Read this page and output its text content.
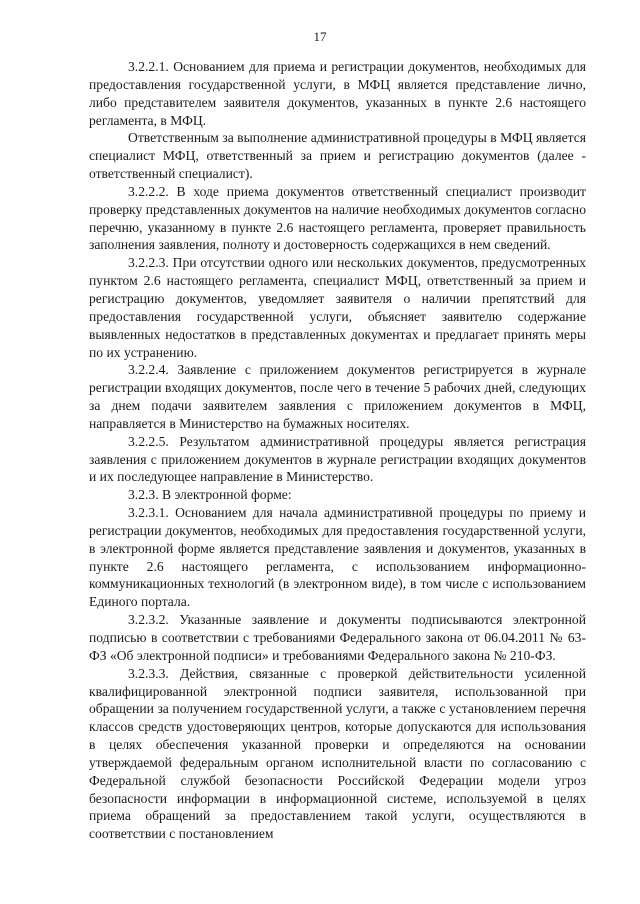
17

3.2.2.1. Основанием для приема и регистрации документов, необходимых для предоставления государственной услуги, в МФЦ является представление лично, либо представителем заявителя документов, указанных в пункте 2.6 настоящего регламента, в МФЦ.

Ответственным за выполнение административной процедуры в МФЦ является специалист МФЦ, ответственный за прием и регистрацию документов (далее - ответственный специалист).

3.2.2.2. В ходе приема документов ответственный специалист производит проверку представленных документов на наличие необходимых документов согласно перечню, указанному в пункте 2.6 настоящего регламента, проверяет правильность заполнения заявления, полноту и достоверность содержащихся в нем сведений.

3.2.2.3. При отсутствии одного или нескольких документов, предусмотренных пунктом 2.6 настоящего регламента, специалист МФЦ, ответственный за прием и регистрацию документов, уведомляет заявителя о наличии препятствий для предоставления государственной услуги, объясняет заявителю содержание выявленных недостатков в представленных документах и предлагает принять меры по их устранению.

3.2.2.4. Заявление с приложением документов регистрируется в журнале регистрации входящих документов, после чего в течение 5 рабочих дней, следующих за днем подачи заявителем заявления с приложением документов в МФЦ, направляется в Министерство на бумажных носителях.

3.2.2.5. Результатом административной процедуры является регистрация заявления с приложением документов в журнале регистрации входящих документов и их последующее направление в Министерство.

3.2.3. В электронной форме:

3.2.3.1. Основанием для начала административной процедуры по приему и регистрации документов, необходимых для предоставления государственной услуги, в электронной форме является представление заявления и документов, указанных в пункте 2.6 настоящего регламента, с использованием информационно-коммуникационных технологий (в электронном виде), в том числе с использованием Единого портала.

3.2.3.2. Указанные заявление и документы подписываются электронной подписью в соответствии с требованиями Федерального закона от 06.04.2011 № 63-ФЗ «Об электронной подписи» и требованиями Федерального закона № 210-ФЗ.

3.2.3.3. Действия, связанные с проверкой действительности усиленной квалифицированной электронной подписи заявителя, использованной при обращении за получением государственной услуги, а также с установлением перечня классов средств удостоверяющих центров, которые допускаются для использования в целях обеспечения указанной проверки и определяются на основании утверждаемой федеральным органом исполнительной власти по согласованию с Федеральной службой безопасности Российской Федерации модели угроз безопасности информации в информационной системе, используемой в целях приема обращений за предоставлением такой услуги, осуществляются в соответствии с постановлением
